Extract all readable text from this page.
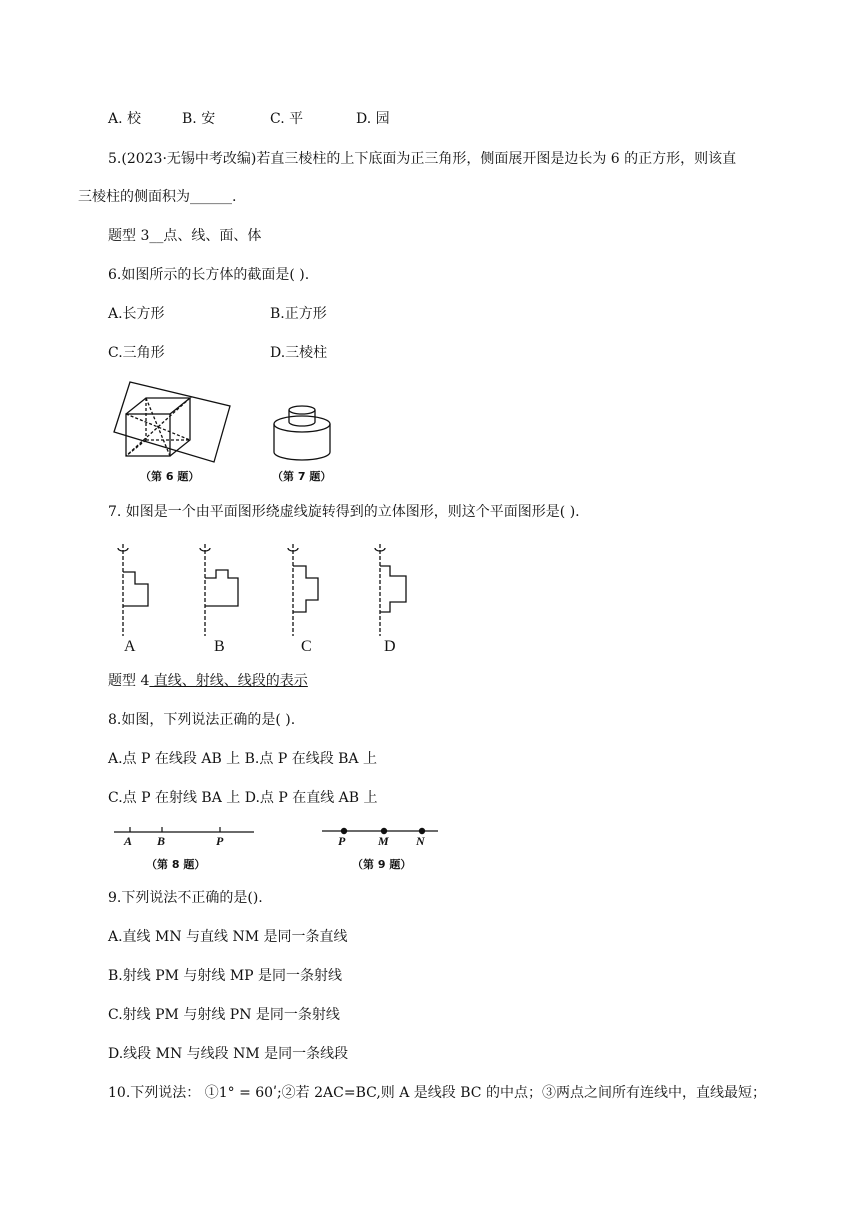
A. 校	B. 安	C. 平	D. 园
5.(2023·无锡中考改编)若直三棱柱的上下底面为正三角形，侧面展开图是边长为 6 的正方形，则该直
三棱柱的侧面积为______.
题型 3__点、线、面、体
6.如图所示的长方体的截面是( ).
A.长方形	B.正方形
C.三角形	D.三棱柱
（第 6 题）	（第 7 题）
7. 如图是一个由平面图形绕虚线旋转得到的立体图形，则这个平面图形是( ).
A	B	C	D
题型 4 直线、射线、线段的表示
8.如图，下列说法正确的是( ).
A.点 P 在线段 AB 上 B.点 P 在线段 BA 上
C.点 P 在射线 BA 上 D.点 P 在直线 AB 上
A B	P
（第 8 题）
P	M N
（第 9 题）
9.下列说法不正确的是().
A.直线 MN 与直线 NM 是同一条直线
B.射线 PM 与射线 MP 是同一条射线
C.射线 PM 与射线 PN 是同一条射线
D.线段 MN 与线段 NM 是同一条线段
10.下列说法： ①1° = 60ʹ;②若 2AC=BC,则 A 是线段 BC 的中点；③两点之间所有连线中，直线最短；
